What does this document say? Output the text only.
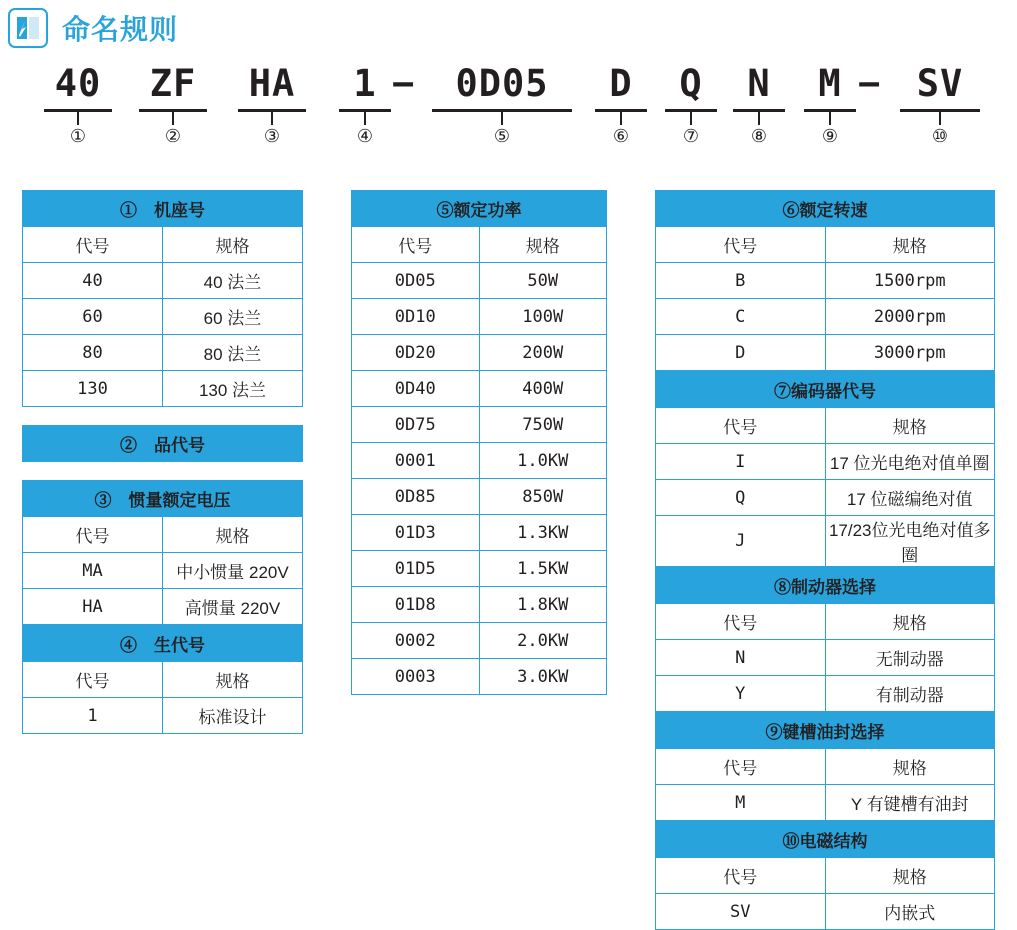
命名规则
40
①
ZF
②
HA
③
1
④
−	0D05
⑤
D
⑥
Q
⑦
N
⑧
M
⑨
− SV
⑩
①　机座号	
代号	规格
40	40 法兰
60	60 法兰
80	80 法兰
130	130 法兰
②　品代号
③　惯量额定电压	
代号	规格
MA	中小惯量 220V
HA	高惯量 220V
④　生代号	
代号	规格
1	标准设计
⑤额定功率	
代号	规格
0D05	50W
0D10	100W
0D20	200W
0D40	400W
0D75	750W
0001	1.0KW
0D85	850W
01D3	1.3KW
01D5	1.5KW
01D8	1.8KW
0002	2.0KW
0003	3.0KW
⑥额定转速	
代号	规格
B	1500rpm
C	2000rpm
D	3000rpm
⑦编码器代号	
代号	规格
I	17 位光电绝对值单圈
Q	17 位磁编绝对值
J	17/23位光电绝对值多圈
⑧制动器选择	
代号	规格
N	无制动器
Y	有制动器
⑨键槽油封选择	
代号	规格
M	Y 有键槽有油封
⑩电磁结构	
代号	规格
SV	内嵌式
